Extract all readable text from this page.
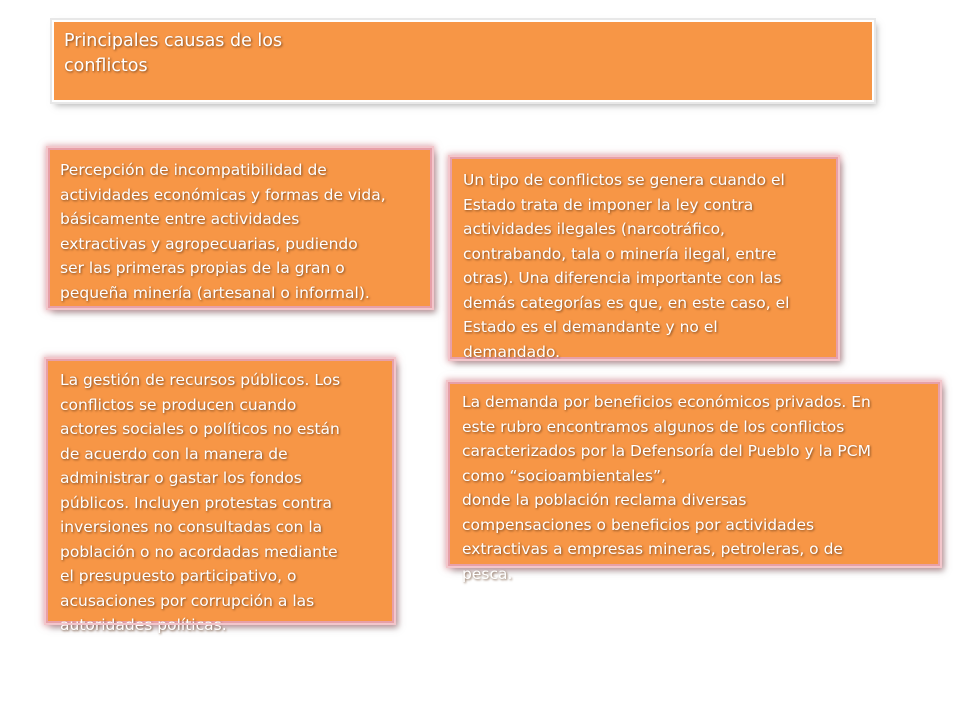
Principales causas de los
conflictos

Percepción de incompatibilidad de
actividades económicas y formas de vida,
básicamente entre actividades
extractivas y agropecuarias, pudiendo
ser las primeras propias de la gran o
pequeña minería (artesanal o informal).

Un tipo de conflictos se genera cuando el
Estado trata de imponer la ley contra
actividades ilegales (narcotráfico,
contrabando, tala o minería ilegal, entre
otras). Una diferencia importante con las
demás categorías es que, en este caso, el
Estado es el demandante y no el
demandado.

La gestión de recursos públicos. Los
conflictos se producen cuando
actores sociales o políticos no están
de acuerdo con la manera de
administrar o gastar los fondos
públicos. Incluyen protestas contra
inversiones no consultadas con la
población o no acordadas mediante
el presupuesto participativo, o
acusaciones por corrupción a las
autoridades políticas.

La demanda por beneficios económicos privados. En
este rubro encontramos algunos de los conflictos
caracterizados por la Defensoría del Pueblo y la PCM
como “socioambientales”,
donde la población reclama diversas
compensaciones o beneficios por actividades
extractivas a empresas mineras, petroleras, o de
pesca.
